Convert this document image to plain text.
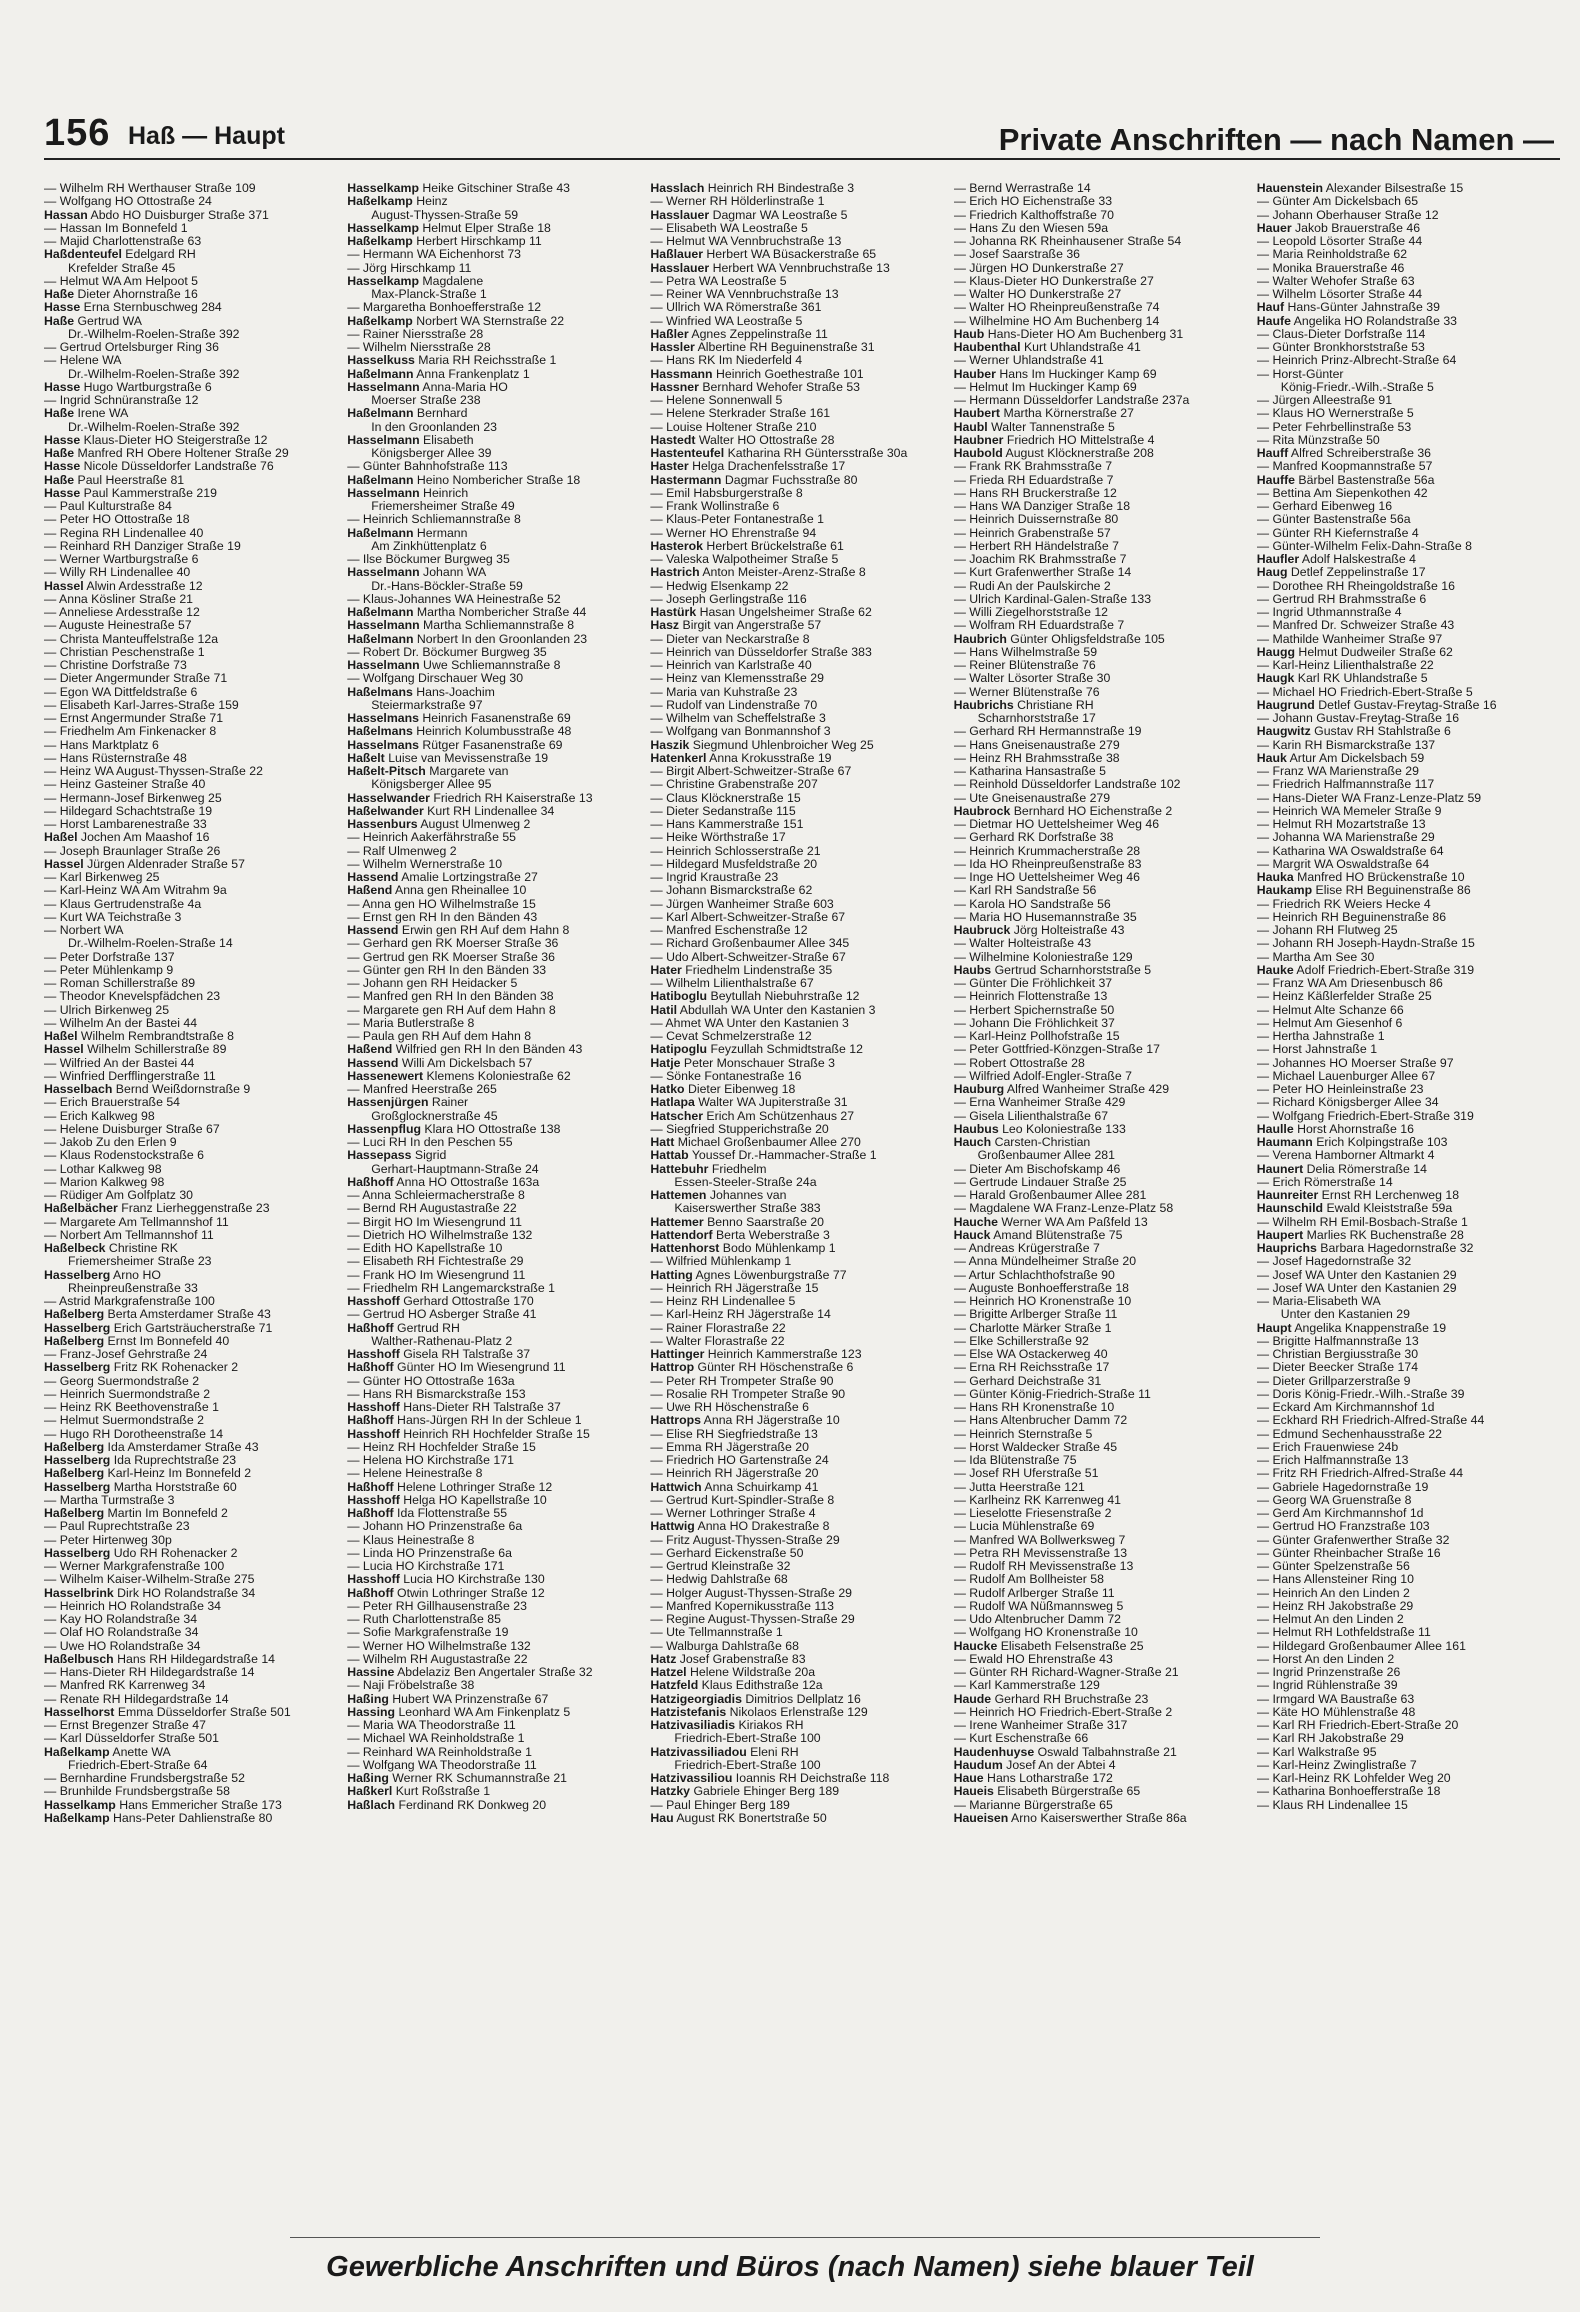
156 Haß — Haupt	Private Anschriften — nach Namen —
— Wilhelm RH Werthauser Straße 109
— Wolfgang HO Ottostraße 24
Hassan Abdo HO Duisburger Straße 371
— Hassan Im Bonnefeld 1
— Majid Charlottenstraße 63
Haßdenteufel Edelgard RH
Krefelder Straße 45
— Helmut WA Am Helpoot 5
Haße Dieter Ahornstraße 16
Hasse Erna Sternbuschweg 284
Haße Gertrud WA
Dr.-Wilhelm-Roelen-Straße 392
— Gertrud Ortelsburger Ring 36
— Helene WA
Dr.-Wilhelm-Roelen-Straße 392
Hasse Hugo Wartburgstraße 6
— Ingrid Schnüranstraße 12
Haße Irene WA
Dr.-Wilhelm-Roelen-Straße 392
Hasse Klaus-Dieter HO Steigerstraße 12
Haße Manfred RH Obere Holtener Straße 29
Hasse Nicole Düsseldorfer Landstraße 76
Haße Paul Heerstraße 81
Hasse Paul Kammerstraße 219
— Paul Kulturstraße 84
— Peter HO Ottostraße 18
— Regina RH Lindenallee 40
— Reinhard RH Danziger Straße 19
— Werner Wartburgstraße 6
— Willy RH Lindenallee 40
Hassel Alwin Ardesstraße 12
— Anna Kösliner Straße 21
— Anneliese Ardesstraße 12
— Auguste Heinestraße 57
— Christa Manteuffelstraße 12a
— Christian Peschenstraße 1
— Christine Dorfstraße 73
— Dieter Angermunder Straße 71
— Egon WA Dittfeldstraße 6
— Elisabeth Karl-Jarres-Straße 159
— Ernst Angermunder Straße 71
— Friedhelm Am Finkenacker 8
— Hans Marktplatz 6
— Hans Rüsternstraße 48
— Heinz WA August-Thyssen-Straße 22
— Heinz Gasteiner Straße 40
— Hermann-Josef Birkenweg 25
— Hildegard Schachtstraße 19
— Horst Lambarenestraße 33
Haßel Jochen Am Maashof 16
— Joseph Braunlager Straße 26
Hassel Jürgen Aldenrader Straße 57
— Karl Birkenweg 25
— Karl-Heinz WA Am Witrahm 9a
— Klaus Gertrudenstraße 4a
— Kurt WA Teichstraße 3
— Norbert WA
Dr.-Wilhelm-Roelen-Straße 14
— Peter Dorfstraße 137
— Peter Mühlenkamp 9
— Roman Schillerstraße 89
— Theodor Knevelspfädchen 23
— Ulrich Birkenweg 25
— Wilhelm An der Bastei 44
Haßel Wilhelm Rembrandtstraße 8
Hassel Wilhelm Schillerstraße 89
— Wilfried An der Bastei 44
— Winfried Derfflingerstraße 11
Hasselbach Bernd Weißdornstraße 9
— Erich Brauerstraße 54
— Erich Kalkweg 98
— Helene Duisburger Straße 67
— Jakob Zu den Erlen 9
— Klaus Rodenstockstraße 6
— Lothar Kalkweg 98
— Marion Kalkweg 98
— Rüdiger Am Golfplatz 30
Haßelbächer Franz Lierheggenstraße 23
— Margarete Am Tellmannshof 11
— Norbert Am Tellmannshof 11
Haßelbeck Christine RK
Friemersheimer Straße 23
Hasselberg Arno HO
Rheinpreußenstraße 33
— Astrid Markgrafenstraße 100
Haßelberg Berta Amsterdamer Straße 43
Hasselberg Erich Gartsträucherstraße 71
Haßelberg Ernst Im Bonnefeld 40
— Franz-Josef Gehrstraße 24
Hasselberg Fritz RK Rohenacker 2
— Georg Suermondstraße 2
— Heinrich Suermondstraße 2
— Heinz RK Beethovenstraße 1
— Helmut Suermondstraße 2
— Hugo RH Dorotheenstraße 14
Haßelberg Ida Amsterdamer Straße 43
Hasselberg Ida Ruprechtstraße 23
Haßelberg Karl-Heinz Im Bonnefeld 2
Hasselberg Martha Horststraße 60
— Martha Turmstraße 3
Haßelberg Martin Im Bonnefeld 2
— Paul Ruprechtstraße 23
— Peter Hirtenweg 30p
Hasselberg Udo RH Rohenacker 2
— Werner Markgrafenstraße 100
— Wilhelm Kaiser-Wilhelm-Straße 275
Hasselbrink Dirk HO Rolandstraße 34
— Heinrich HO Rolandstraße 34
— Kay HO Rolandstraße 34
— Olaf HO Rolandstraße 34
— Uwe HO Rolandstraße 34
Haßelbusch Hans RH Hildegardstraße 14
— Hans-Dieter RH Hildegardstraße 14
— Manfred RK Karrenweg 34
— Renate RH Hildegardstraße 14
Hasselhorst Emma Düsseldorfer Straße 501
— Ernst Bregenzer Straße 47
— Karl Düsseldorfer Straße 501
Haßelkamp Anette WA
Friedrich-Ebert-Straße 64
— Bernhardine Frundsbergstraße 52
— Brunhilde Frundsbergstraße 58
Hasselkamp Hans Emmericher Straße 173
Haßelkamp Hans-Peter Dahlienstraße 80
Hasselkamp Heike Gitschiner Straße 43
Haßelkamp Heinz
August-Thyssen-Straße 59
Hasselkamp Helmut Elper Straße 18
Haßelkamp Herbert Hirschkamp 11
— Hermann WA Eichenhorst 73
— Jörg Hirschkamp 11
Hasselkamp Magdalene
Max-Planck-Straße 1
— Margaretha Bonhoefferstraße 12
Haßelkamp Norbert WA Sternstraße 22
— Rainer Niersstraße 28
— Wilhelm Niersstraße 28
Hasselkuss Maria RH Reichsstraße 1
Haßelmann Anna Frankenplatz 1
Hasselmann Anna-Maria HO
Moerser Straße 238
Haßelmann Bernhard
In den Groonlanden 23
Hasselmann Elisabeth
Königsberger Allee 39
— Günter Bahnhofstraße 113
Haßelmann Heino Nombericher Straße 18
Hasselmann Heinrich
Friemersheimer Straße 49
— Heinrich Schliemannstraße 8
Haßelmann Hermann
Am Zinkhüttenplatz 6
— Ilse Böckumer Burgweg 35
Hasselmann Johann WA
Dr.-Hans-Böckler-Straße 59
— Klaus-Johannes WA Heinestraße 52
Haßelmann Martha Nombericher Straße 44
Hasselmann Martha Schliemannstraße 8
Haßelmann Norbert In den Groonlanden 23
— Robert Dr. Böckumer Burgweg 35
Hasselmann Uwe Schliemannstraße 8
— Wolfgang Dirschauer Weg 30
Haßelmans Hans-Joachim
Steiermarkstraße 97
Hasselmans Heinrich Fasanenstraße 69
Haßelmans Heinrich Kolumbusstraße 48
Hasselmans Rütger Fasanenstraße 69
Haßelt Luise van Mevissenstraße 19
Haßelt-Pitsch Margarete van
Königsberger Allee 95
Hasselwander Friedrich RH Kaiserstraße 13
Haßelwander Kurt RH Lindenallee 34
Hassenburs August Ulmenweg 2
— Heinrich Aakerfährstraße 55
— Ralf Ulmenweg 2
— Wilhelm Wernerstraße 10
Hassend Amalie Lortzingstraße 27
Haßend Anna gen Rheinallee 10
— Anna gen HO Wilhelmstraße 15
— Ernst gen RH In den Bänden 43
Hassend Erwin gen RH Auf dem Hahn 8
— Gerhard gen RK Moerser Straße 36
— Gertrud gen RK Moerser Straße 36
— Günter gen RH In den Bänden 33
— Johann gen RH Heidacker 5
— Manfred gen RH In den Bänden 38
— Margarete gen RH Auf dem Hahn 8
— Maria Butlerstraße 8
— Paula gen RH Auf dem Hahn 8
Haßend Wilfried gen RH In den Bänden 43
Hassend Willi Am Dickelsbach 57
Hassenewert Klemens Koloniestraße 62
— Manfred Heerstraße 265
Hassenjürgen Rainer
Großglocknerstraße 45
Hassenpflug Klara HO Ottostraße 138
— Luci RH In den Peschen 55
Hassepass Sigrid
Gerhart-Hauptmann-Straße 24
Haßhoff Anna HO Ottostraße 163a
— Anna Schleiermacherstraße 8
— Bernd RH Augustastraße 22
— Birgit HO Im Wiesengrund 11
— Dietrich HO Wilhelmstraße 132
— Edith HO Kapellstraße 10
— Elisabeth RH Fichtestraße 29
— Frank HO Im Wiesengrund 11
— Friedhelm RH Langemarckstraße 1
Hasshoff Gerhard Ottostraße 170
— Gertrud HO Asberger Straße 41
Haßhoff Gertrud RH
Walther-Rathenau-Platz 2
Hasshoff Gisela RH Talstraße 37
Haßhoff Günter HO Im Wiesengrund 11
— Günter HO Ottostraße 163a
— Hans RH Bismarckstraße 153
Hasshoff Hans-Dieter RH Talstraße 37
Haßhoff Hans-Jürgen RH In der Schleue 1
Hasshoff Heinrich RH Hochfelder Straße 15
— Heinz RH Hochfelder Straße 15
— Helena HO Kirchstraße 171
— Helene Heinestraße 8
Haßhoff Helene Lothringer Straße 12
Hasshoff Helga HO Kapellstraße 10
Haßhoff Ida Flottenstraße 55
— Johann HO Prinzenstraße 6a
— Klaus Heinestraße 8
— Linda HO Prinzenstraße 6a
— Lucia HO Kirchstraße 171
Hasshoff Lucia HO Kirchstraße 130
Haßhoff Otwin Lothringer Straße 12
— Peter RH Gillhausenstraße 23
— Ruth Charlottenstraße 85
— Sofie Markgrafenstraße 19
— Werner HO Wilhelmstraße 132
— Wilhelm RH Augustastraße 22
Hassine Abdelaziz Ben Angertaler Straße 32
— Naji Fröbelstraße 38
Haßing Hubert WA Prinzenstraße 67
Hassing Leonhard WA Am Finkenplatz 5
— Maria WA Theodorstraße 11
— Michael WA Reinholdstraße 1
— Reinhard WA Reinholdstraße 1
— Wolfgang WA Theodorstraße 11
Haßing Werner RK Schumannstraße 21
Haßkerl Kurt Roßstraße 1
Haßlach Ferdinand RK Donkweg 20
Hasslach Heinrich RH Bindestraße 3
— Werner RH Hölderlinstraße 1
Hasslauer Dagmar WA Leostraße 5
— Elisabeth WA Leostraße 5
— Helmut WA Vennbruchstraße 13
Haßlauer Herbert WA Büsackerstraße 65
Hasslauer Herbert WA Vennbruchstraße 13
— Petra WA Leostraße 5
— Reiner WA Vennbruchstraße 13
— Ullrich WA Römerstraße 361
— Winfried WA Leostraße 5
Haßler Agnes Zeppelinstraße 11
Hassler Albertine RH Beguinenstraße 31
— Hans RK Im Niederfeld 4
Hassmann Heinrich Goethestraße 101
Hassner Bernhard Wehofer Straße 53
— Helene Sonnenwall 5
— Helene Sterkrader Straße 161
— Louise Holtener Straße 210
Hastedt Walter HO Ottostraße 28
Hastenteufel Katharina RH Güntersstraße 30a
Haster Helga Drachenfelsstraße 17
Hastermann Dagmar Fuchsstraße 80
— Emil Habsburgerstraße 8
— Frank Wollinstraße 6
— Klaus-Peter Fontanestraße 1
— Werner HO Ehrenstraße 94
Hasterok Herbert Brückelstraße 61
— Valeska Walpotheimer Straße 5
Hastrich Anton Meister-Arenz-Straße 8
— Hedwig Elsenkamp 22
— Joseph Gerlingstraße 116
Hastürk Hasan Ungelsheimer Straße 62
Hasz Birgit van Angerstraße 57
— Dieter van Neckarstraße 8
— Heinrich van Düsseldorfer Straße 383
— Heinrich van Karlstraße 40
— Heinz van Klemensstraße 29
— Maria van Kuhstraße 23
— Rudolf van Lindenstraße 70
— Wilhelm van Scheffelstraße 3
— Wolfgang van Bonmannshof 3
Haszik Siegmund Uhlenbroicher Weg 25
Hatenkerl Anna Krokusstraße 19
— Birgit Albert-Schweitzer-Straße 67
— Christine Grabenstraße 207
— Claus Klöcknerstraße 15
— Dieter Sedanstraße 115
— Hans Kammerstraße 151
— Heike Wörthstraße 17
— Heinrich Schlosserstraße 21
— Hildegard Musfeldstraße 20
— Ingrid Kraustraße 23
— Johann Bismarckstraße 62
— Jürgen Wanheimer Straße 603
— Karl Albert-Schweitzer-Straße 67
— Manfred Eschenstraße 12
— Richard Großenbaumer Allee 345
— Udo Albert-Schweitzer-Straße 67
Hater Friedhelm Lindenstraße 35
— Wilhelm Lilienthalstraße 67
Hatiboglu Beytullah Niebuhrstraße 12
Hatil Abdullah WA Unter den Kastanien 3
— Ahmet WA Unter den Kastanien 3
— Cevat Schmelzerstraße 12
Hatipoglu Feyzullah Schmidtstraße 12
Hatje Peter Monschauer Straße 3
— Sönke Fontanestraße 16
Hatko Dieter Eibenweg 18
Hatlapa Walter WA Jupiterstraße 31
Hatscher Erich Am Schützenhaus 27
— Siegfried Stupperichstraße 20
Hatt Michael Großenbaumer Allee 270
Hattab Youssef Dr.-Hammacher-Straße 1
Hattebuhr Friedhelm
Essen-Steeler-Straße 24a
Hattemen Johannes van
Kaiserswerther Straße 383
Hattemer Benno Saarstraße 20
Hattendorf Berta Weberstraße 3
Hattenhorst Bodo Mühlenkamp 1
— Wilfried Mühlenkamp 1
Hatting Agnes Löwenburgstraße 77
— Heinrich RH Jägerstraße 15
— Heinz RH Lindenallee 5
— Karl-Heinz RH Jägerstraße 14
— Rainer Florastraße 22
— Walter Florastraße 22
Hattinger Heinrich Kammerstraße 123
Hattrop Günter RH Höschenstraße 6
— Peter RH Trompeter Straße 90
— Rosalie RH Trompeter Straße 90
— Uwe RH Höschenstraße 6
Hattrops Anna RH Jägerstraße 10
— Elise RH Siegfriedstraße 13
— Emma RH Jägerstraße 20
— Friedrich HO Gartenstraße 24
— Heinrich RH Jägerstraße 20
Hattwich Anna Schuirkamp 41
— Gertrud Kurt-Spindler-Straße 8
— Werner Lothringer Straße 4
Hattwig Anna HO Drakestraße 8
— Fritz August-Thyssen-Straße 29
— Gerhard Eickenstraße 50
— Gertrud Kleinstraße 32
— Hedwig Dahlstraße 68
— Holger August-Thyssen-Straße 29
— Manfred Kopernikusstraße 113
— Regine August-Thyssen-Straße 29
— Ute Tellmannstraße 1
— Walburga Dahlstraße 68
Hatz Josef Grabenstraße 83
Hatzel Helene Wildstraße 20a
Hatzfeld Klaus Edithstraße 12a
Hatzigeorgiadis Dimitrios Dellplatz 16
Hatzistefanis Nikolaos Erlenstraße 129
Hatzivasiliadis Kiriakos RH
Friedrich-Ebert-Straße 100
Hatzivassiliadou Eleni RH
Friedrich-Ebert-Straße 100
Hatzivassiliou Ioannis RH Deichstraße 118
Hatzky Gabriele Ehinger Berg 189
— Paul Ehinger Berg 189
Hau August RK Bonertstraße 50
— Bernd Werrastraße 14
— Erich HO Eichenstraße 33
— Friedrich Kalthoffstraße 70
— Hans Zu den Wiesen 59a
— Johanna RK Rheinhausener Straße 54
— Josef Saarstraße 36
— Jürgen HO Dunkerstraße 27
— Klaus-Dieter HO Dunkerstraße 27
— Walter HO Dunkerstraße 27
— Walter HO Rheinpreußenstraße 74
— Wilhelmine HO Am Buchenberg 14
Haub Hans-Dieter HO Am Buchenberg 31
Haubenthal Kurt Uhlandstraße 41
— Werner Uhlandstraße 41
Hauber Hans Im Huckinger Kamp 69
— Helmut Im Huckinger Kamp 69
— Hermann Düsseldorfer Landstraße 237a
Haubert Martha Körnerstraße 27
Haubl Walter Tannenstraße 5
Haubner Friedrich HO Mittelstraße 4
Haubold August Klöcknerstraße 208
— Frank RK Brahmsstraße 7
— Frieda RH Eduardstraße 7
— Hans RH Bruckerstraße 12
— Hans WA Danziger Straße 18
— Heinrich Duissernstraße 80
— Heinrich Grabenstraße 57
— Herbert RH Händelstraße 7
— Joachim RK Brahmsstraße 7
— Kurt Grafenwerther Straße 14
— Rudi An der Paulskirche 2
— Ulrich Kardinal-Galen-Straße 133
— Willi Ziegelhorststraße 12
— Wolfram RH Eduardstraße 7
Haubrich Günter Ohligsfeldstraße 105
— Hans Wilhelmstraße 59
— Reiner Blütenstraße 76
— Walter Lösorter Straße 30
— Werner Blütenstraße 76
Haubrichs Christiane RH
Scharnhorststraße 17
— Gerhard RH Hermannstraße 19
— Hans Gneisenaustraße 279
— Heinz RH Brahmsstraße 38
— Katharina Hansastraße 5
— Reinhold Düsseldorfer Landstraße 102
— Ute Gneisenaustraße 279
Haubrock Bernhard HO Eichenstraße 2
— Dietmar HO Uettelsheimer Weg 46
— Gerhard RK Dorfstraße 38
— Heinrich Krummacherstraße 28
— Ida HO Rheinpreußenstraße 83
— Inge HO Uettelsheimer Weg 46
— Karl RH Sandstraße 56
— Karola HO Sandstraße 56
— Maria HO Husemannstraße 35
Haubruck Jörg Holteistraße 43
— Walter Holteistraße 43
— Wilhelmine Koloniestraße 129
Haubs Gertrud Scharnhorststraße 5
— Günter Die Fröhlichkeit 37
— Heinrich Flottenstraße 13
— Herbert Spichernstraße 50
— Johann Die Fröhlichkeit 37
— Karl-Heinz Pollhofstraße 15
— Peter Gottfried-Könzgen-Straße 17
— Robert Ottostraße 28
— Wilfried Adolf-Engler-Straße 7
Hauburg Alfred Wanheimer Straße 429
— Erna Wanheimer Straße 429
— Gisela Lilienthalstraße 67
Haubus Leo Koloniestraße 133
Hauch Carsten-Christian
Großenbaumer Allee 281
— Dieter Am Bischofskamp 46
— Gertrude Lindauer Straße 25
— Harald Großenbaumer Allee 281
— Magdalene WA Franz-Lenze-Platz 58
Hauche Werner WA Am Paßfeld 13
Hauck Amand Blütenstraße 75
— Andreas Krügerstraße 7
— Anna Mündelheimer Straße 20
— Artur Schlachthofstraße 90
— Auguste Bonhoefferstraße 18
— Heinrich HO Kronenstraße 10
— Brigitte Arlberger Straße 11
— Charlotte Märker Straße 1
— Elke Schillerstraße 92
— Else WA Ostackerweg 40
— Erna RH Reichsstraße 17
— Gerhard Deichstraße 31
— Günter König-Friedrich-Straße 11
— Hans RH Kronenstraße 10
— Hans Altenbrucher Damm 72
— Heinrich Sternstraße 5
— Horst Waldecker Straße 45
— Ida Blütenstraße 75
— Josef RH Uferstraße 51
— Jutta Heerstraße 121
— Karlheinz RK Karrenweg 41
— Lieselotte Friesenstraße 2
— Lucia Mühlenstraße 69
— Manfred WA Bollwerksweg 7
— Petra RH Mevissenstraße 13
— Rudolf RH Mevissenstraße 13
— Rudolf Am Bollheister 58
— Rudolf Arlberger Straße 11
— Rudolf WA Nüßmannsweg 5
— Udo Altenbrucher Damm 72
— Wolfgang HO Kronenstraße 10
Haucke Elisabeth Felsenstraße 25
— Ewald HO Ehrenstraße 43
— Günter RH Richard-Wagner-Straße 21
— Karl Kammerstraße 129
Haude Gerhard RH Bruchstraße 23
— Heinrich HO Friedrich-Ebert-Straße 2
— Irene Wanheimer Straße 317
— Kurt Eschenstraße 66
Haudenhuyse Oswald Talbahnstraße 21
Haudum Josef An der Abtei 4
Haue Hans Lotharstraße 172
Haueis Elisabeth Bürgerstraße 65
— Marianne Bürgerstraße 65
Haueisen Arno Kaiserswerther Straße 86a
Hauenstein Alexander Bilsestraße 15
— Günter Am Dickelsbach 65
— Johann Oberhauser Straße 12
Hauer Jakob Brauerstraße 46
— Leopold Lösorter Straße 44
— Maria Reinholdstraße 62
— Monika Brauerstraße 46
— Walter Wehofer Straße 63
— Wilhelm Lösorter Straße 44
Hauf Hans-Günter Jahnstraße 39
Haufe Angelika HO Rolandstraße 33
— Claus-Dieter Dorfstraße 114
— Günter Bronkhorststraße 53
— Heinrich Prinz-Albrecht-Straße 64
— Horst-Günter
König-Friedr.-Wilh.-Straße 5
— Jürgen Alleestraße 91
— Klaus HO Wernerstraße 5
— Peter Fehrbellinstraße 53
— Rita Münzstraße 50
Hauff Alfred Schreiberstraße 36
— Manfred Koopmannstraße 57
Hauffe Bärbel Bastenstraße 56a
— Bettina Am Siepenkothen 42
— Gerhard Eibenweg 16
— Günter Bastenstraße 56a
— Günter RH Kiefernstraße 4
— Günter-Wilhelm Felix-Dahn-Straße 8
Haufler Adolf Halskestraße 4
Haug Detlef Zeppelinstraße 17
— Dorothee RH Rheingoldstraße 16
— Gertrud RH Brahmsstraße 6
— Ingrid Uthmannstraße 4
— Manfred Dr. Schweizer Straße 43
— Mathilde Wanheimer Straße 97
Haugg Helmut Dudweiler Straße 62
— Karl-Heinz Lilienthalstraße 22
Haugk Karl RK Uhlandstraße 5
— Michael HO Friedrich-Ebert-Straße 5
Haugrund Detlef Gustav-Freytag-Straße 16
— Johann Gustav-Freytag-Straße 16
Haugwitz Gustav RH Stahlstraße 6
— Karin RH Bismarckstraße 137
Hauk Artur Am Dickelsbach 59
— Franz WA Marienstraße 29
— Friedrich Halfmannstraße 117
— Hans-Dieter WA Franz-Lenze-Platz 59
— Heinrich WA Memeler Straße 9
— Helmut RH Mozartstraße 13
— Johanna WA Marienstraße 29
— Katharina WA Oswaldstraße 64
— Margrit WA Oswaldstraße 64
Hauka Manfred HO Brückenstraße 10
Haukamp Elise RH Beguinenstraße 86
— Friedrich RK Weiers Hecke 4
— Heinrich RH Beguinenstraße 86
— Johann RH Flutweg 25
— Johann RH Joseph-Haydn-Straße 15
— Martha Am See 30
Hauke Adolf Friedrich-Ebert-Straße 319
— Franz WA Am Driesenbusch 86
— Heinz Käßlerfelder Straße 25
— Helmut Alte Schanze 66
— Helmut Am Giesenhof 6
— Hertha Jahnstraße 1
— Horst Jahnstraße 1
— Johannes HO Moerser Straße 97
— Michael Lauenburger Allee 67
— Peter HO Heinleinstraße 23
— Richard Königsberger Allee 34
— Wolfgang Friedrich-Ebert-Straße 319
Haulle Horst Ahornstraße 16
Haumann Erich Kolpingstraße 103
— Verena Hamborner Altmarkt 4
Haunert Delia Römerstraße 14
— Erich Römerstraße 14
Haunreiter Ernst RH Lerchenweg 18
Haunschild Ewald Kleiststraße 59a
— Wilhelm RH Emil-Bosbach-Straße 1
Haupert Marlies RK Buchenstraße 28
Hauprichs Barbara Hagedornstraße 32
— Josef Hagedornstraße 32
— Josef WA Unter den Kastanien 29
— Josef WA Unter den Kastanien 29
— Maria-Elisabeth WA
Unter den Kastanien 29
Haupt Angelika Knappenstraße 19
— Brigitte Halfmannstraße 13
— Christian Bergiusstraße 30
— Dieter Beecker Straße 174
— Dieter Grillparzerstraße 9
— Doris König-Friedr.-Wilh.-Straße 39
— Eckard Am Kirchmannshof 1d
— Eckhard RH Friedrich-Alfred-Straße 44
— Edmund Sechenhausstraße 22
— Erich Frauenwiese 24b
— Erich Halfmannstraße 13
— Fritz RH Friedrich-Alfred-Straße 44
— Gabriele Hagedornstraße 19
— Georg WA Gruenstraße 8
— Gerd Am Kirchmannshof 1d
— Gertrud HO Franzstraße 103
— Günter Grafenwerther Straße 32
— Günter Rheinbacher Straße 16
— Günter Spelzenstraße 56
— Hans Allensteiner Ring 10
— Heinrich An den Linden 2
— Heinz RH Jakobstraße 29
— Helmut An den Linden 2
— Helmut RH Lothfeldstraße 11
— Hildegard Großenbaumer Allee 161
— Horst An den Linden 2
— Ingrid Prinzenstraße 26
— Ingrid Rühlenstraße 39
— Irmgard WA Baustraße 63
— Käte HO Mühlenstraße 48
— Karl RH Friedrich-Ebert-Straße 20
— Karl RH Jakobstraße 29
— Karl Walkstraße 95
— Karl-Heinz Zwinglistraße 7
— Karl-Heinz RK Lohfelder Weg 20
— Katharina Bonhoefferstraße 18
— Klaus RH Lindenallee 15
Gewerbliche Anschriften und Büros (nach Namen) siehe blauer Teil
